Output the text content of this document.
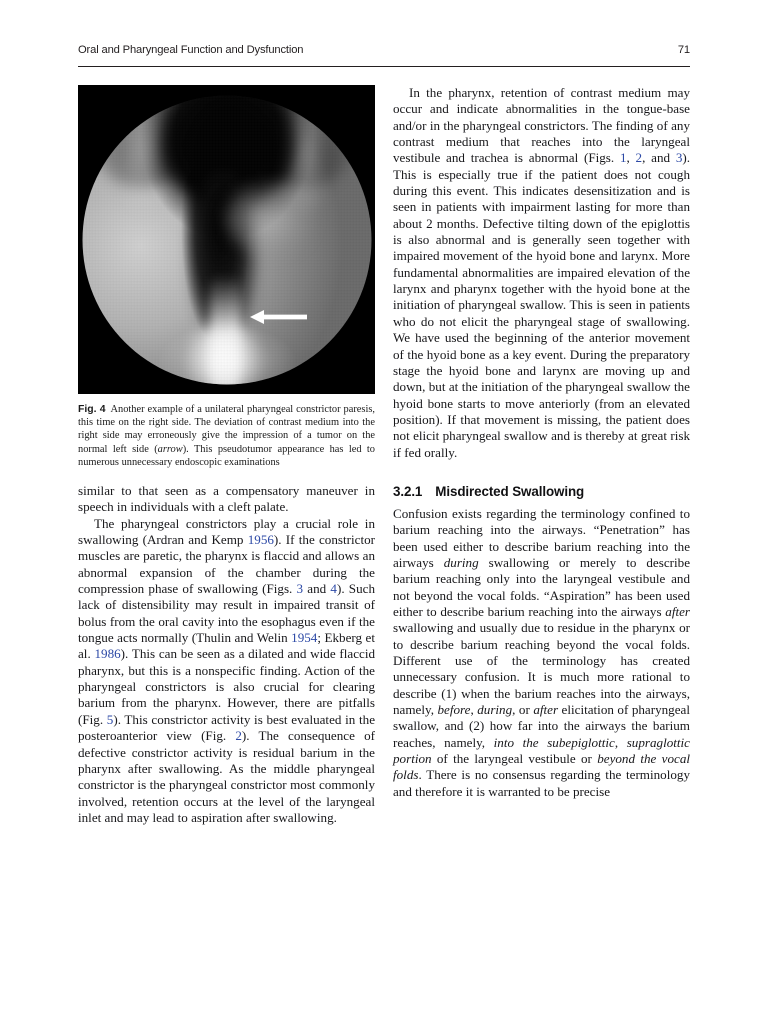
Oral and Pharyngeal Function and Dysfunction	71
Fig. 4 Another example of a unilateral pharyngeal constrictor paresis, this time on the right side. The deviation of contrast medium into the right side may erroneously give the impression of a tumor on the normal left side (arrow). This pseudotumor appearance has led to numerous unnecessary endoscopic examinations

similar to that seen as a compensatory maneuver in speech in individuals with a cleft palate.

The pharyngeal constrictors play a crucial role in swallowing (Ardran and Kemp 1956). If the constrictor muscles are paretic, the pharynx is flaccid and allows an abnormal expansion of the chamber during the compression phase of swallowing (Figs. 3 and 4). Such lack of distensibility may result in impaired transit of bolus from the oral cavity into the esophagus even if the tongue acts normally (Thulin and Welin 1954; Ekberg et al. 1986). This can be seen as a dilated and wide flaccid pharynx, but this is a nonspecific finding. Action of the pharyngeal constrictors is also crucial for clearing barium from the pharynx. However, there are pitfalls (Fig. 5). This constrictor activity is best evaluated in the posteroanterior view (Fig. 2). The consequence of defective constrictor activity is residual barium in the pharynx after swallowing. As the middle pharyngeal constrictor is the pharyngeal constrictor most commonly involved, retention occurs at the level of the laryngeal inlet and may lead to aspiration after swallowing.

In the pharynx, retention of contrast medium may occur and indicate abnormalities in the tongue-base and/or in the pharyngeal constrictors. The finding of any contrast medium that reaches into the laryngeal vestibule and trachea is abnormal (Figs. 1, 2, and 3). This is especially true if the patient does not cough during this event. This indicates desensitization and is seen in patients with impairment lasting for more than about 2 months. Defective tilting down of the epiglottis is also abnormal and is generally seen together with impaired movement of the hyoid bone and larynx. More fundamental abnormalities are impaired elevation of the larynx and pharynx together with the hyoid bone at the initiation of pharyngeal swallow. This is seen in patients who do not elicit the pharyngeal stage of swallowing. We have used the beginning of the anterior movement of the hyoid bone as a key event. During the preparatory stage the hyoid bone and larynx are moving up and down, but at the initiation of the pharyngeal swallow the hyoid bone starts to move anteriorly (from an elevated position). If that movement is missing, the patient does not elicit pharyngeal swallow and is thereby at great risk if fed orally.

3.2.1 Misdirected Swallowing

Confusion exists regarding the terminology confined to barium reaching into the airways. “Penetration” has been used either to describe barium reaching into the airways during swallowing or merely to describe barium reaching only into the laryngeal vestibule and not beyond the vocal folds. “Aspiration” has been used either to describe barium reaching into the airways after swallowing and usually due to residue in the pharynx or to describe barium reaching beyond the vocal folds. Different use of the terminology has created unnecessary confusion. It is much more rational to describe (1) when the barium reaches into the airways, namely, before, during, or after elicitation of pharyngeal swallow, and (2) how far into the airways the barium reaches, namely, into the subepiglottic, supraglottic portion of the laryngeal vestibule or beyond the vocal folds. There is no consensus regarding the terminology and therefore it is warranted to be precise
